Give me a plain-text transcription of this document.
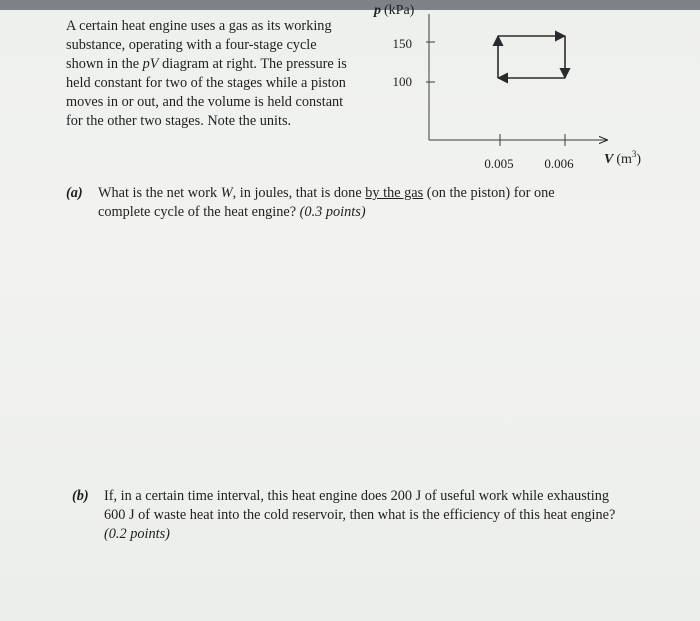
A certain heat engine uses a gas as its working substance, operating with a four-stage cycle shown in the pV diagram at right. The pressure is held constant for two of the stages while a piston moves in or out, and the volume is held constant for the other two stages. Note the units.
p (kPa)
150
100
0.005 0.006 V $(m^3)$
(a) What is the net work W, in joules, that is done by the gas (on the piston) for one complete cycle of the heat engine? (0.3 points)
(b) If, in a certain time interval, this heat engine does 200 J of useful work while exhausting 600 J of waste heat into the cold reservoir, then what is the efficiency of this heat engine? (0.2 points)
